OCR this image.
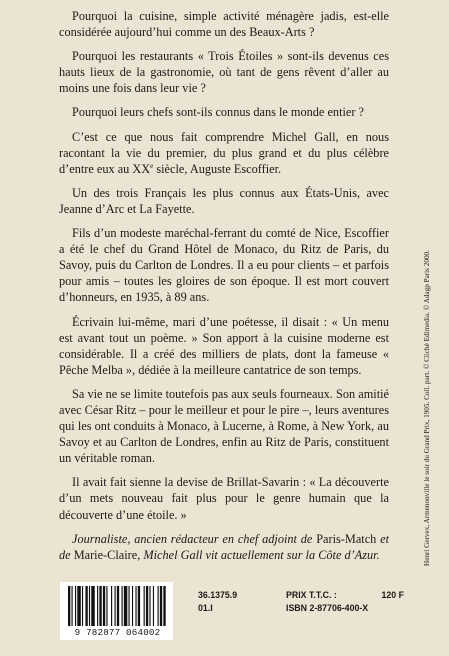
Pourquoi la cuisine, simple activité ménagère jadis, est-elle considérée aujourd’hui comme un des Beaux-Arts ?

Pourquoi les restaurants « Trois Étoiles » sont-ils devenus ces hauts lieux de la gastronomie, où tant de gens rêvent d’aller au moins une fois dans leur vie ?

Pourquoi leurs chefs sont-ils connus dans le monde entier ?

C’est ce que nous fait comprendre Michel Gall, en nous racontant la vie du premier, du plus grand et du plus célèbre d’entre eux au XXe siècle, Auguste Escoffier.

Un des trois Français les plus connus aux États-Unis, avec Jeanne d’Arc et La Fayette.

Fils d’un modeste maréchal-ferrant du comté de Nice, Escoffier a été le chef du Grand Hôtel de Monaco, du Ritz de Paris, du Savoy, puis du Carlton de Londres. Il a eu pour clients – et parfois pour amis – toutes les gloires de son époque. Il est mort couvert d’honneurs, en 1935, à 89 ans.

Écrivain lui-même, mari d’une poétesse, il disait : « Un menu est avant tout un poème. » Son apport à la cuisine moderne est considérable. Il a créé des milliers de plats, dont la fameuse « Pêche Melba », dédiée à la meilleure cantatrice de son temps.

Sa vie ne se limite toutefois pas aux seuls fourneaux. Son amitié avec César Ritz – pour le meilleur et pour le pire –, leurs aventures qui les ont conduits à Monaco, à Lucerne, à Rome, à New York, au Savoy et au Carlton de Londres, enfin au Ritz de Paris, constituent un véritable roman.

Il avait fait sienne la devise de Brillat-Savarin : « La découverte d’un mets nouveau fait plus pour le genre humain que la découverte d’une étoile. »

Journaliste, ancien rédacteur en chef adjoint de Paris-Match et de Marie-Claire, Michel Gall vit actuellement sur la Côte d’Azur.	Henri Gervex, Armenonville le soir du Grand Prix, 1905. Coll. part. © Cliché Edimedia. © Adagp Paris 2000.
9 782877 064002
36.1375.9
01.I
PRIX T.T.C. :	120 F
ISBN 2-87706-400-X
